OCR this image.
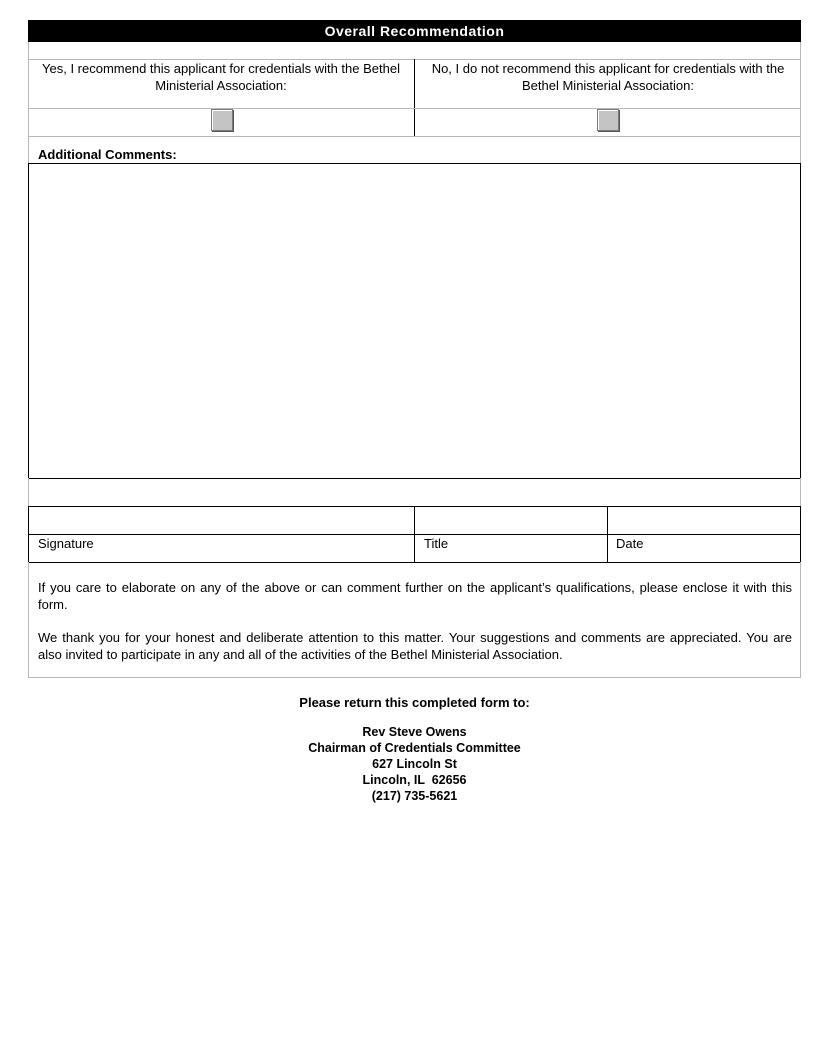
Overall Recommendation
Yes, I recommend this applicant for credentials with the Bethel Ministerial Association:
No, I do not recommend this applicant for credentials with the Bethel Ministerial Association:
Additional Comments:
Signature	Title	Date
If you care to elaborate on any of the above or can comment further on the applicant’s qualifications, please enclose it with this form.
We thank you for your honest and deliberate attention to this matter. Your suggestions and comments are appreciated. You are also invited to participate in any and all of the activities of the Bethel Ministerial Association.
Please return this completed form to:
Rev Steve Owens
Chairman of Credentials Committee
627 Lincoln St
Lincoln, IL  62656
(217) 735-5621
